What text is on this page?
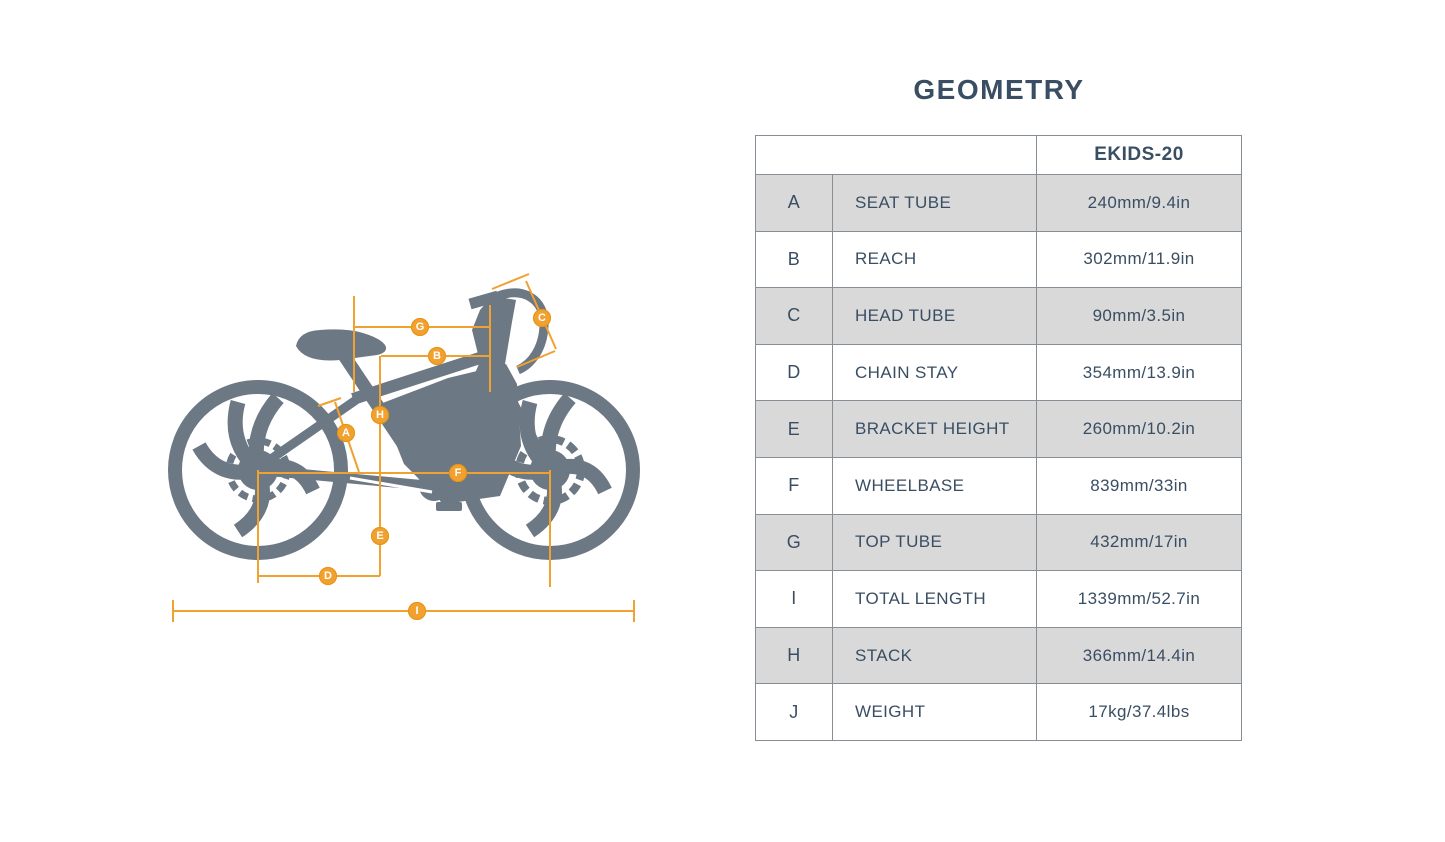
A
B
C
D
E
F
G
H
I
GEOMETRY
EKIDS-20
A	SEAT TUBE	240mm/9.4in
B	REACH	302mm/11.9in
C	HEAD TUBE	90mm/3.5in
D	CHAIN STAY	354mm/13.9in
E	BRACKET HEIGHT	260mm/10.2in
F	WHEELBASE	839mm/33in
G	TOP TUBE	432mm/17in
I	TOTAL LENGTH	1339mm/52.7in
H	STACK	366mm/14.4in
J	WEIGHT	17kg/37.4lbs
